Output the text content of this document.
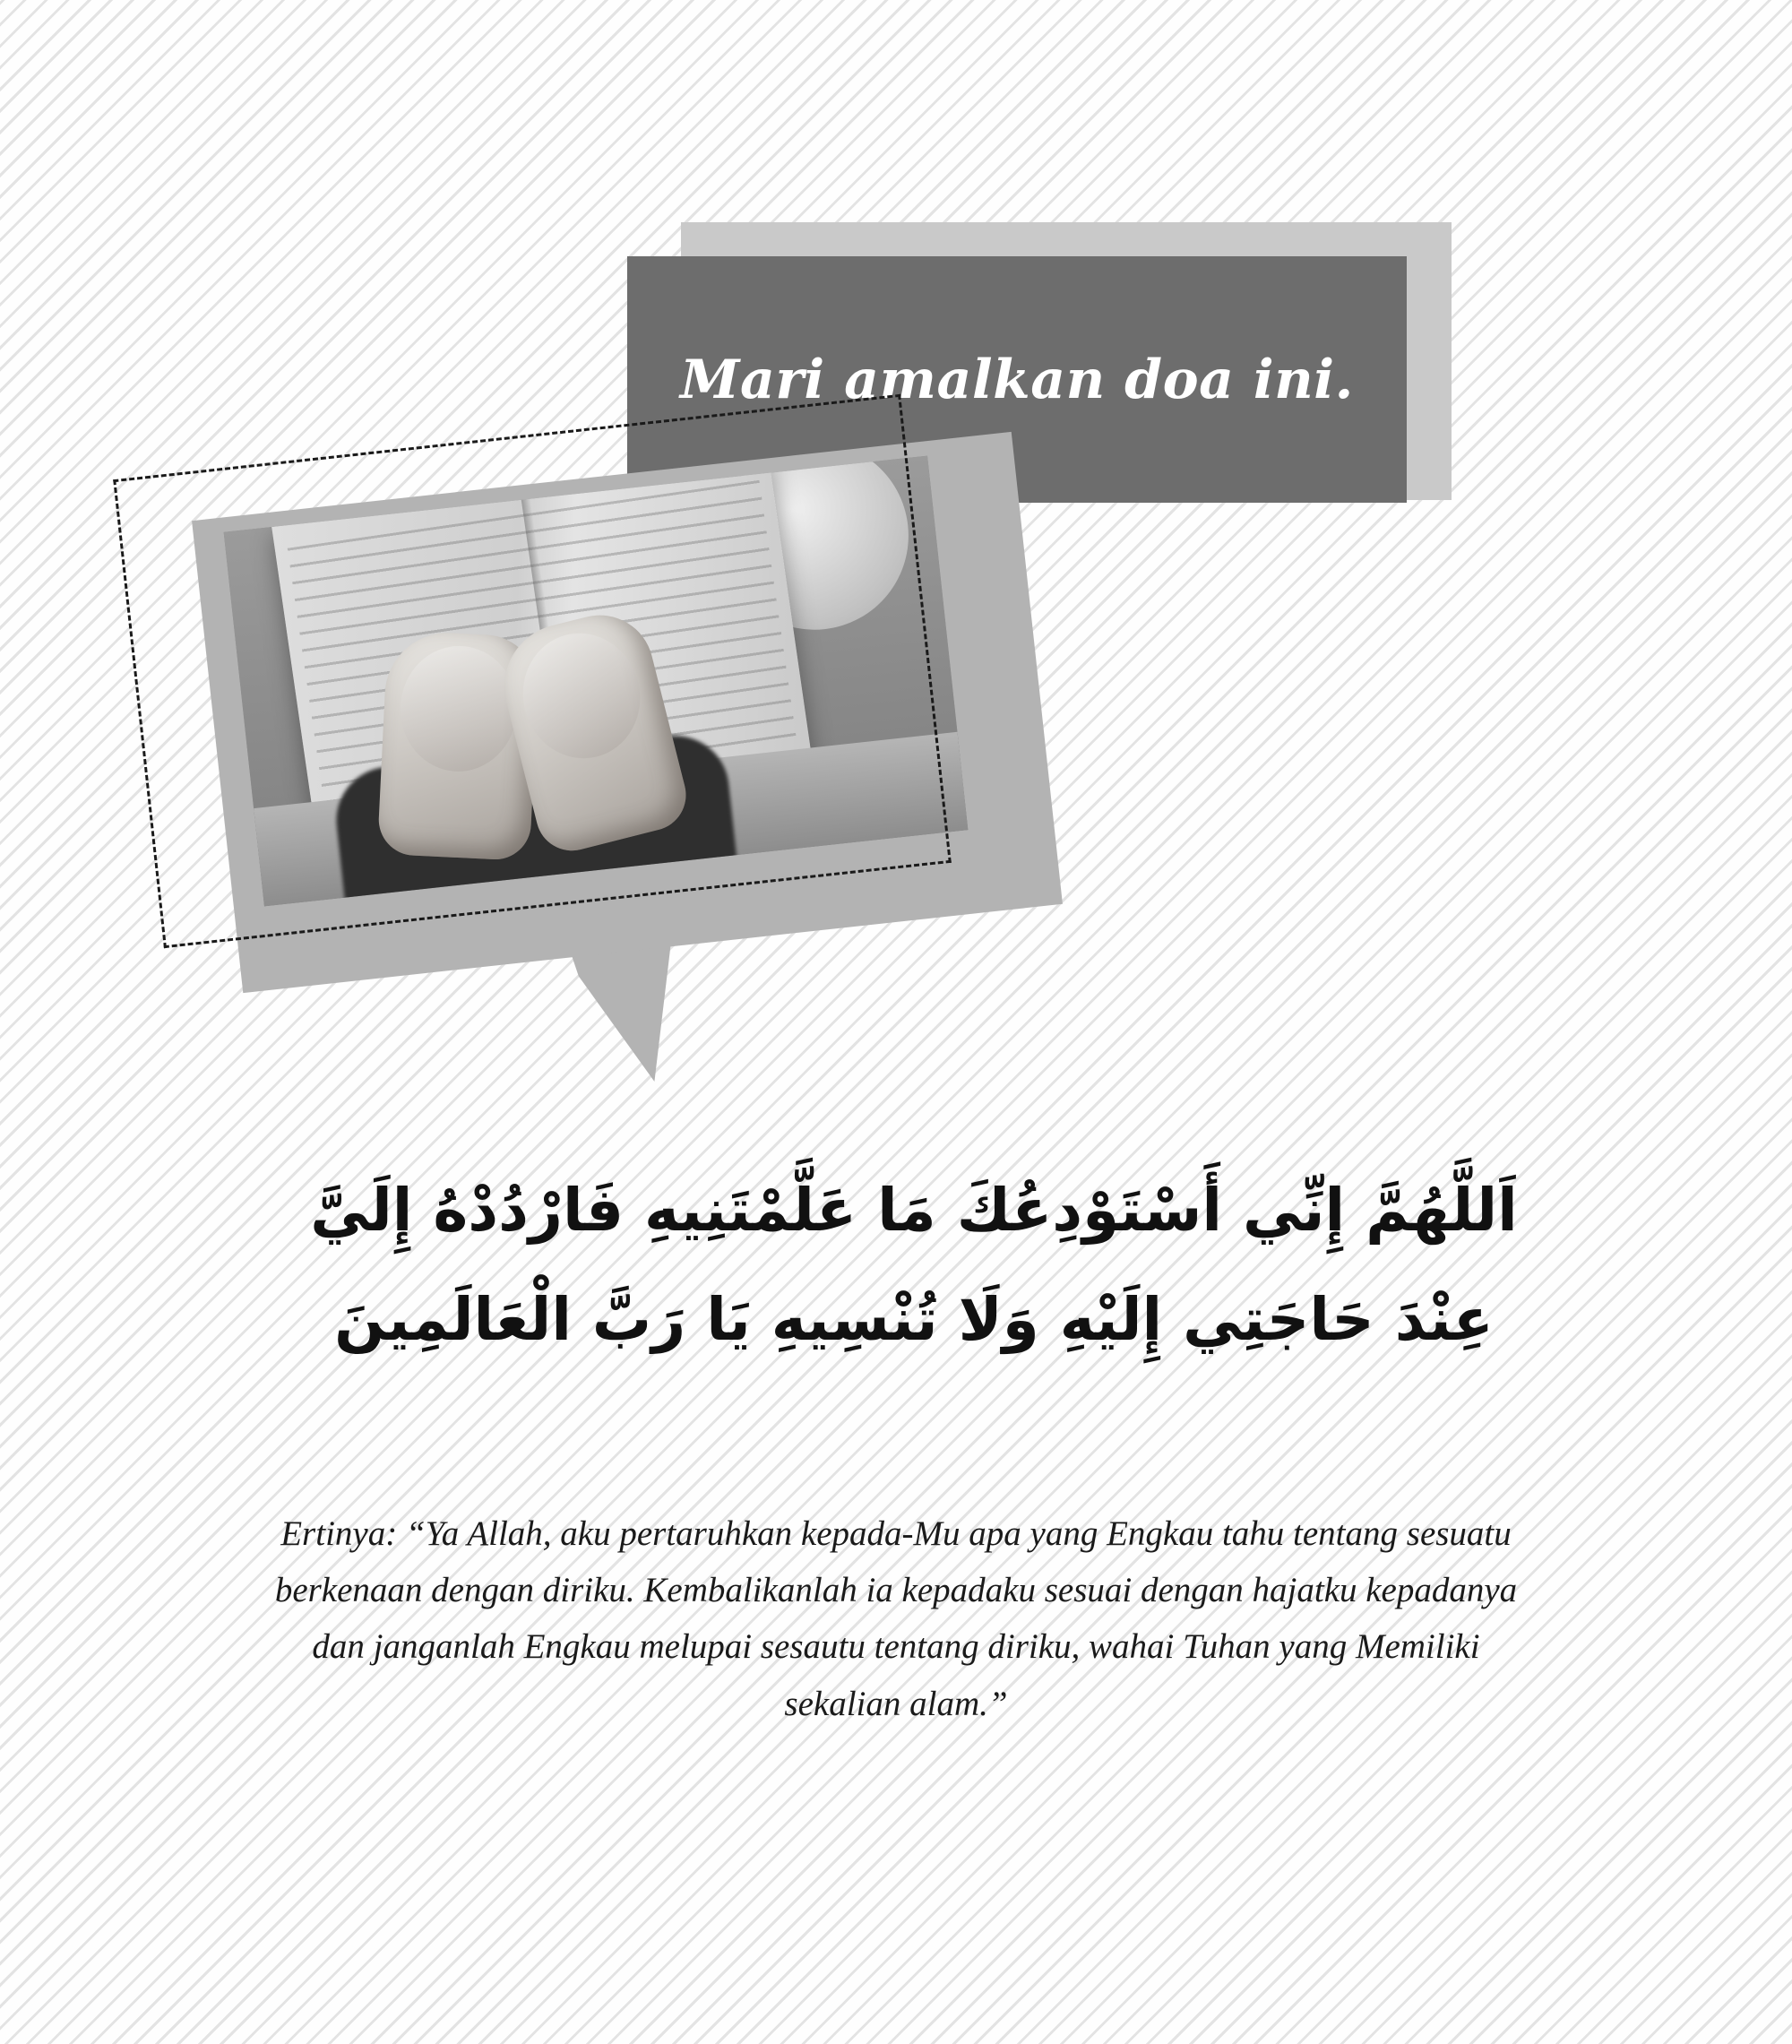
Mari amalkan doa ini.
اَللَّهُمَّ إِنِّي أَسْتَوْدِعُكَ مَا عَلَّمْتَنِيهِ فَارْدُدْهُ إِلَيَّ
عِنْدَ حَاجَتِي إِلَيْهِ وَلَا تُنْسِيهِ يَا رَبَّ الْعَالَمِينَ
Ertinya: “Ya Allah, aku pertaruhkan kepada-Mu apa yang Engkau tahu tentang sesuatu berkenaan dengan diriku. Kembalikanlah ia kepadaku sesuai dengan hajatku kepadanya dan janganlah Engkau melupai sesautu tentang diriku, wahai Tuhan yang Memiliki sekalian alam.”
